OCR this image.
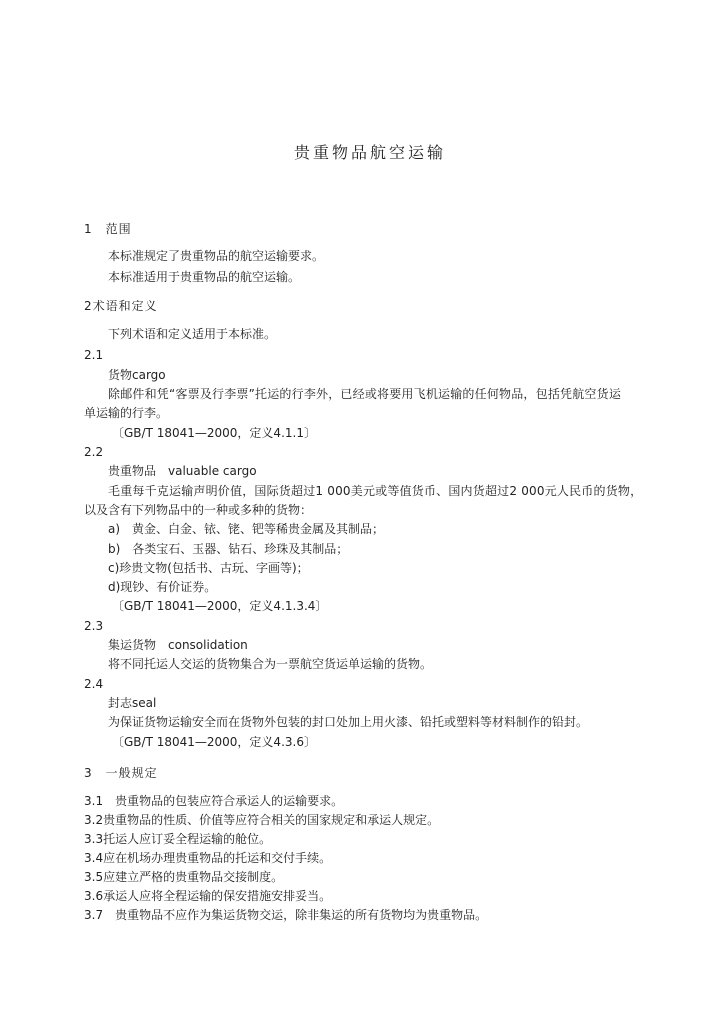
贵重物品航空运输
1　范围
本标准规定了贵重物品的航空运输要求。
本标准适用于贵重物品的航空运输。
2术语和定义
下列术语和定义适用于本标准。
2.1
货物cargo
除邮件和凭“客票及行李票”托运的行李外，已经或将要用飞机运输的任何物品，包括凭航空货运
单运输的行李。
〔GB/T 18041—2000，定义4.1.1〕
2.2
贵重物品　valuable cargo
毛重每千克运输声明价值，国际货超过1 000美元或等值货币、国内货超过2 000元人民币的货物，
以及含有下列物品中的一种或多种的货物：
a)　黄金、白金、铱、铑、钯等稀贵金属及其制品；
b)　各类宝石、玉器、钻石、珍珠及其制品；
c)珍贵文物(包括书、古玩、字画等)；
d)现钞、有价证券。
〔GB/T 18041—2000，定义4.1.3.4〕
2.3
集运货物　consolidation
将不同托运人交运的货物集合为一票航空货运单运输的货物。
2.4
封志seal
为保证货物运输安全而在货物外包装的封口处加上用火漆、铅托或塑料等材料制作的铅封。
〔GB/T 18041—2000，定义4.3.6〕
3　一般规定
3.1　贵重物品的包装应符合承运人的运输要求。
3.2贵重物品的性质、价值等应符合相关的国家规定和承运人规定。
3.3托运人应订妥全程运输的舱位。
3.4应在机场办理贵重物品的托运和交付手续。
3.5应建立严格的贵重物品交接制度。
3.6承运人应将全程运输的保安措施安排妥当。
3.7　贵重物品不应作为集运货物交运，除非集运的所有货物均为贵重物品。
